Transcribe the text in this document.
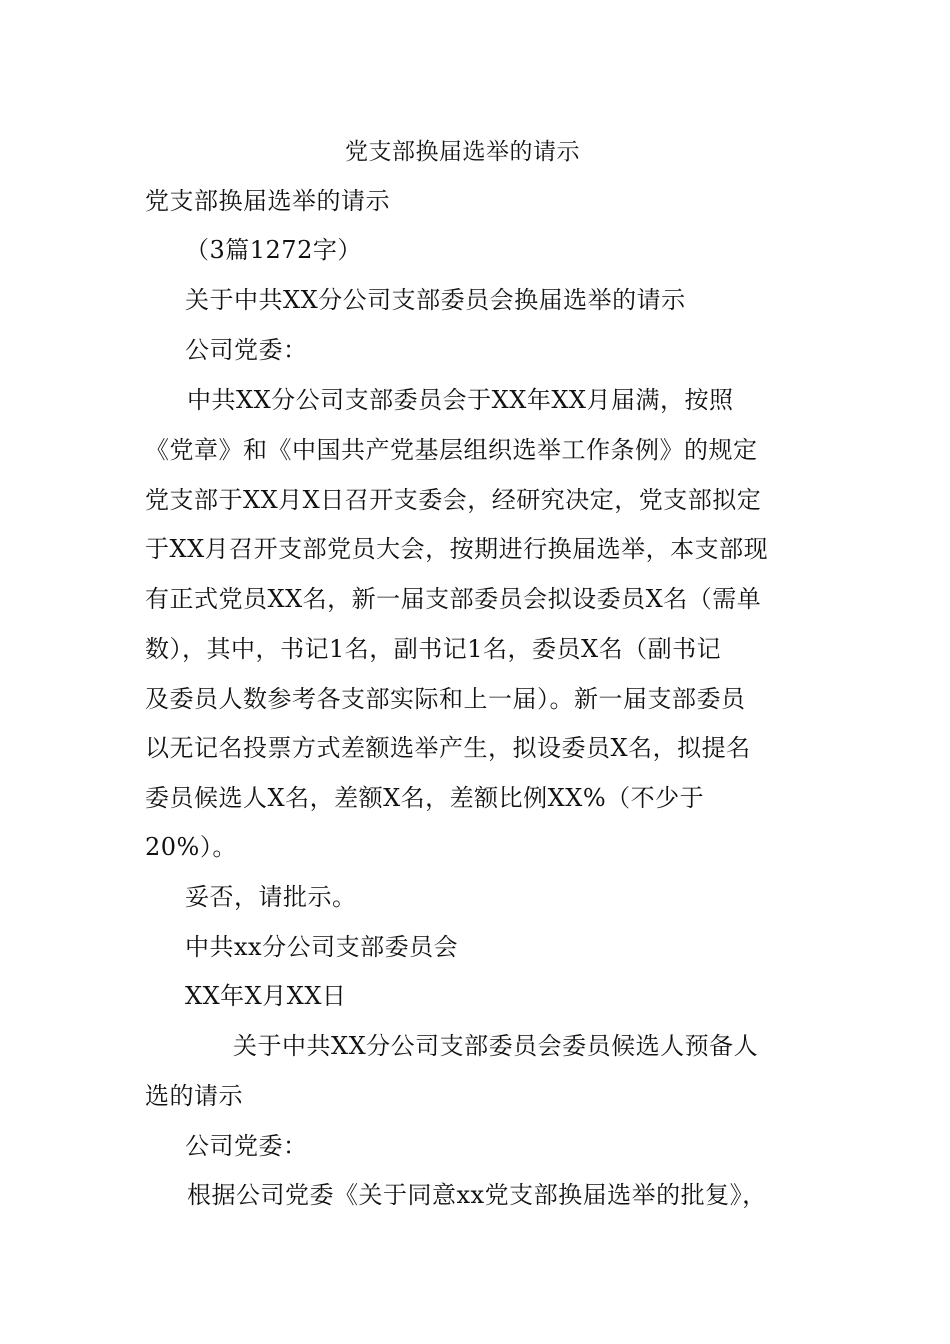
党支部换届选举的请示
党支部换届选举的请示
（3篇1272字）
关于中共XX分公司支部委员会换届选举的请示
公司党委：
中共XX分公司支部委员会于XX年XX月届满，按照
《党章》和《中国共产党基层组织选举工作条例》的规定
党支部于XX月X日召开支委会，经研究决定，党支部拟定
于XX月召开支部党员大会，按期进行换届选举，本支部现
有正式党员XX名，新一届支部委员会拟设委员X名（需单
数），其中，书记1名，副书记1名，委员X名（副书记
及委员人数参考各支部实际和上一届）。新一届支部委员
以无记名投票方式差额选举产生，拟设委员X名，拟提名
委员候选人X名，差额X名，差额比例XX%（不少于
20%）。
妥否，请批示。
中共xx分公司支部委员会
XX年X月XX日
关于中共XX分公司支部委员会委员候选人预备人
选的请示
公司党委：
根据公司党委《关于同意xx党支部换届选举的批复》，
